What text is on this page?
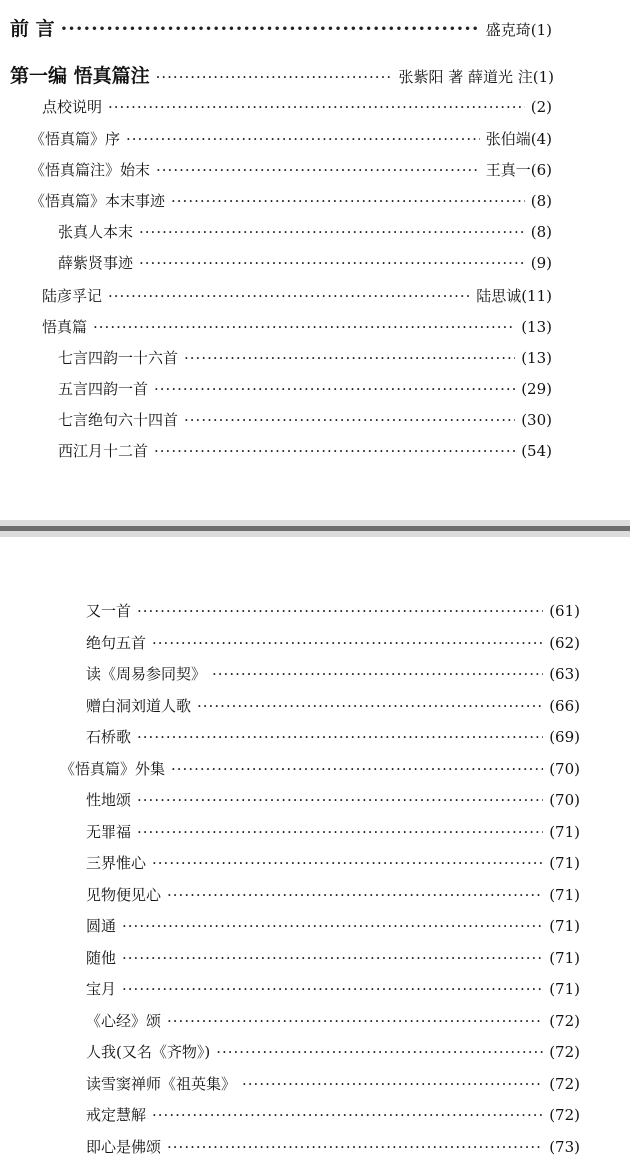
前 言 ·····	盛克琦 (1)
第一编 悟真篇注 ·····	张紫阳 著 薛道光 注 (1)
点校说明 ·····	(2)
《悟真篇》序 ·····	张伯端 (4)
《悟真篇注》始末 ·····	王真一 (6)
《悟真篇》本末事迹 ·····	(8)
张真人本末 ·····	(8)
薛紫贤事迹 ·····	(9)
陆彦孚记 ·····	陆思诚 (11)
悟真篇 ·····	(13)
七言四韵一十六首 ·····	(13)
五言四韵一首 ·····	(29)
七言绝句六十四首 ·····	(30)
西江月十二首 ·····	(54)
又一首 ·····	(61)
绝句五首 ·····	(62)
读《周易参同契》 ·····	(63)
赠白洞刘道人歌 ·····	(66)
石桥歌 ·····	(69)
《悟真篇》外集 ·····	(70)
性地颂 ·····	(70)
无罪福 ·····	(71)
三界惟心 ·····	(71)
见物便见心 ·····	(71)
圆通 ·····	(71)
随他 ·····	(71)
宝月 ·····	(71)
《心经》颂 ·····	(72)
人我(又名《齐物》) ·····	(72)
读雪窦禅师《祖英集》 ·····	(72)
戒定慧解 ·····	(72)
即心是佛颂 ·····	(73)
